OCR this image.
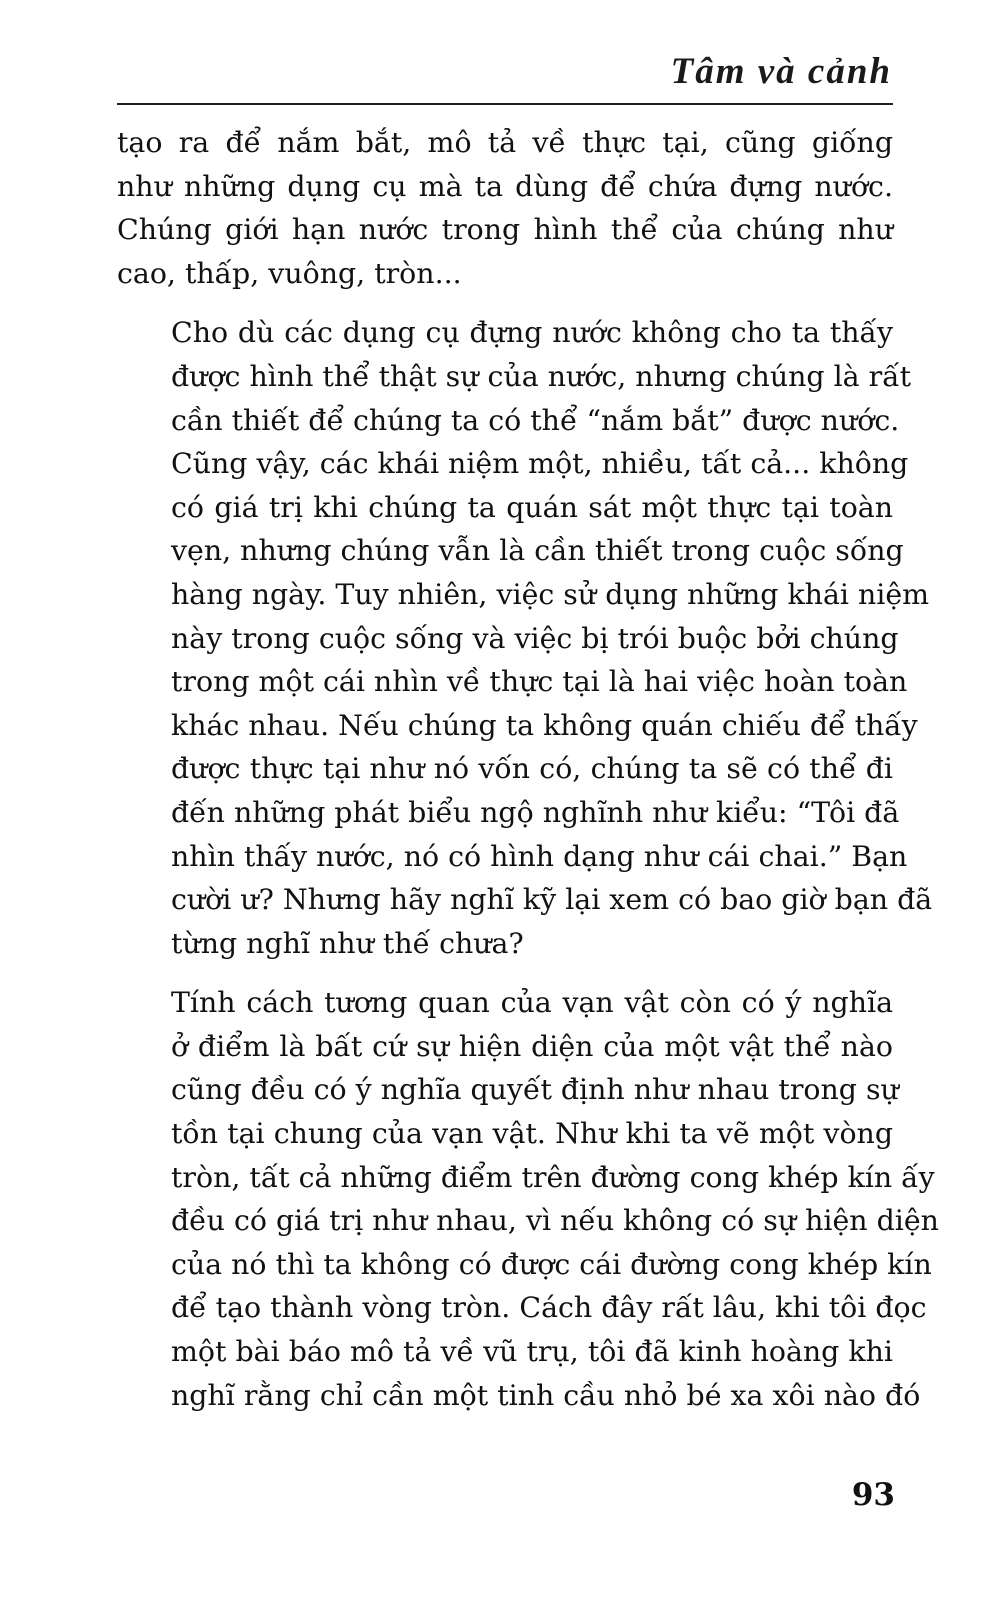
Tâm và cảnh

tạo ra để nắm bắt, mô tả về thực tại, cũng giống
như những dụng cụ mà ta dùng để chứa đựng nước.
Chúng giới hạn nước trong hình thể của chúng như
cao, thấp, vuông, tròn...

Cho dù các dụng cụ đựng nước không cho ta thấy
được hình thể thật sự của nước, nhưng chúng là rất
cần thiết để chúng ta có thể “nắm bắt” được nước.
Cũng vậy, các khái niệm một, nhiều, tất cả... không
có giá trị khi chúng ta quán sát một thực tại toàn
vẹn, nhưng chúng vẫn là cần thiết trong cuộc sống
hàng ngày. Tuy nhiên, việc sử dụng những khái niệm
này trong cuộc sống và việc bị trói buộc bởi chúng
trong một cái nhìn về thực tại là hai việc hoàn toàn
khác nhau. Nếu chúng ta không quán chiếu để thấy
được thực tại như nó vốn có, chúng ta sẽ có thể đi
đến những phát biểu ngộ nghĩnh như kiểu: “Tôi đã
nhìn thấy nước, nó có hình dạng như cái chai.” Bạn
cười ư? Nhưng hãy nghĩ kỹ lại xem có bao giờ bạn đã
từng nghĩ như thế chưa?

Tính cách tương quan của vạn vật còn có ý nghĩa
ở điểm là bất cứ sự hiện diện của một vật thể nào
cũng đều có ý nghĩa quyết định như nhau trong sự
tồn tại chung của vạn vật. Như khi ta vẽ một vòng
tròn, tất cả những điểm trên đường cong khép kín ấy
đều có giá trị như nhau, vì nếu không có sự hiện diện
của nó thì ta không có được cái đường cong khép kín
để tạo thành vòng tròn. Cách đây rất lâu, khi tôi đọc
một bài báo mô tả về vũ trụ, tôi đã kinh hoàng khi
nghĩ rằng chỉ cần một tinh cầu nhỏ bé xa xôi nào đó

93
